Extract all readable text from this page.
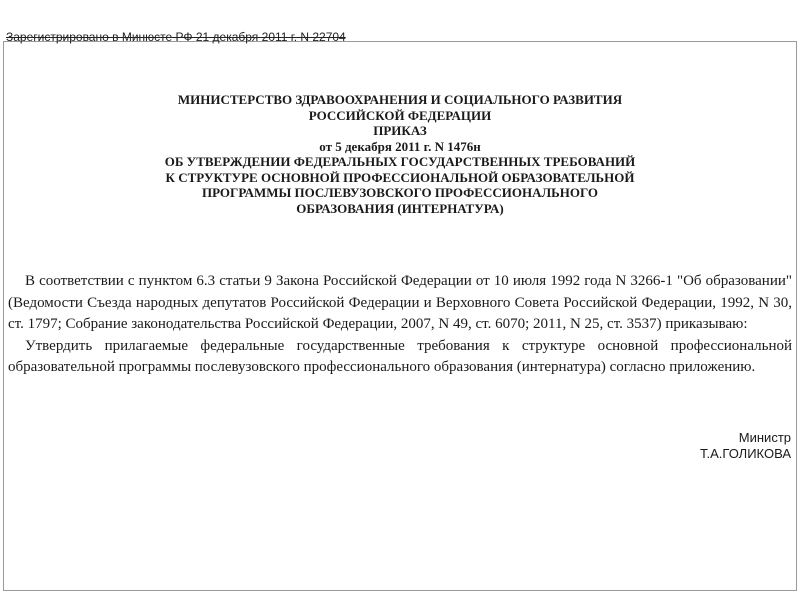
Зарегистрировано в Минюсте РФ 21 декабря 2011 г. N 22704

МИНИСТЕРСТВО ЗДРАВООХРАНЕНИЯ И СОЦИАЛЬНОГО РАЗВИТИЯ
РОССИЙСКОЙ ФЕДЕРАЦИИ
ПРИКАЗ
от 5 декабря 2011 г. N 1476н
ОБ УТВЕРЖДЕНИИ ФЕДЕРАЛЬНЫХ ГОСУДАРСТВЕННЫХ ТРЕБОВАНИЙ
К СТРУКТУРЕ ОСНОВНОЙ ПРОФЕССИОНАЛЬНОЙ ОБРАЗОВАТЕЛЬНОЙ
ПРОГРАММЫ ПОСЛЕВУЗОВСКОГО ПРОФЕССИОНАЛЬНОГО
ОБРАЗОВАНИЯ (ИНТЕРНАТУРА)

В соответствии с пунктом 6.3 статьи 9 Закона Российской Федерации от 10 июля 1992 года N 3266-1 "Об образовании" (Ведомости Съезда народных депутатов Российской Федерации и Верховного Совета Российской Федерации, 1992, N 30, ст. 1797; Собрание законодательства Российской Федерации, 2007, N 49, ст. 6070; 2011, N 25, ст. 3537) приказываю:

Утвердить прилагаемые федеральные государственные требования к структуре основной профессиональной образовательной программы послевузовского профессионального образования (интернатура) согласно приложению.

Министр
Т.А.ГОЛИКОВА
